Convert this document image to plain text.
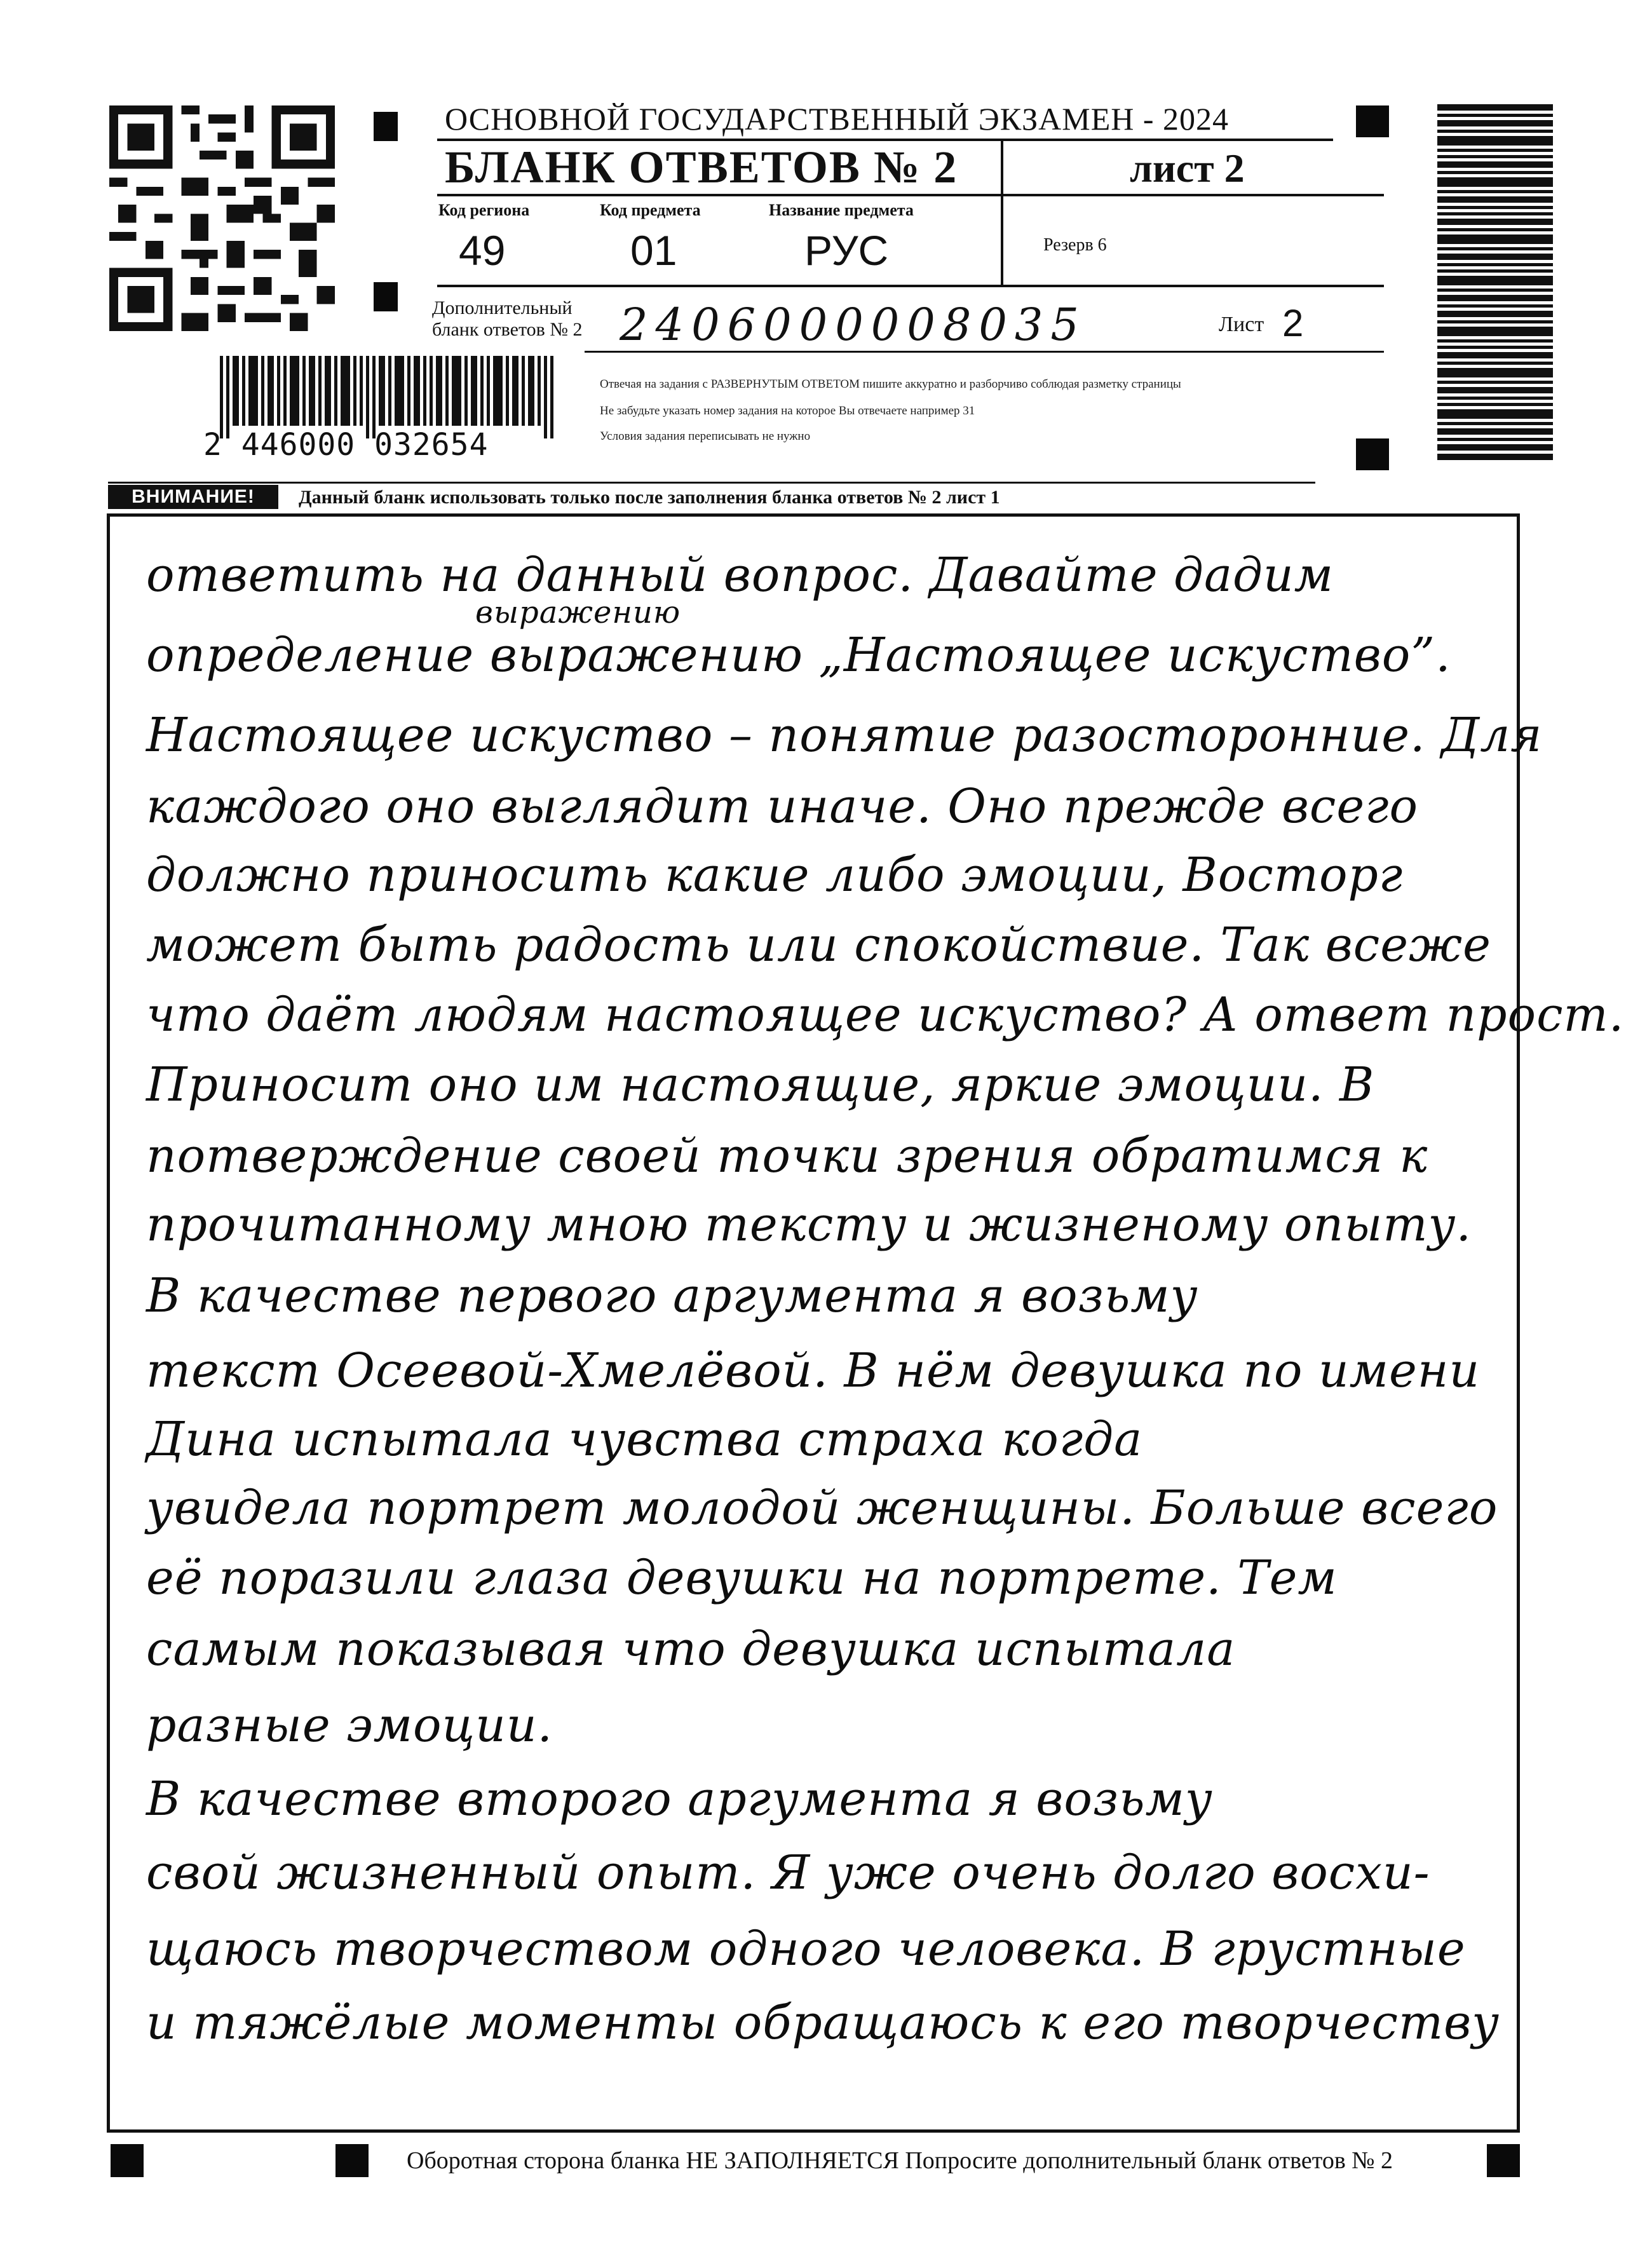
ОСНОВНОЙ ГОСУДАРСТВЕННЫЙ ЭКЗАМЕН - 2024
БЛАНК ОТВЕТОВ № 2	лист 2
Код региона
49
Код предмета
01
Название предмета
РУС	Резерв 6
Дополнительный бланк ответов № 2 2406000008035	Лист 2
Отвечая на задания с РАЗВЕРНУТЫМ ОТВЕТОМ пишите аккуратно и разборчиво соблюдая разметку страницы
Не забудьте указать номер задания на которое Вы отвечаете например 31
Условия задания переписывать не нужно
2 446000 032654
ВНИМАНИЕ!	Данный бланк использовать только после заполнения бланка ответов № 2 лист 1
выражению
ответить на данный вопрос. Давайте дадим
определение выражению „Настоящее искуство”.
Настоящее искуство – понятие разосторонние. Для
каждого оно выглядит иначе. Оно прежде всего
должно приносить какие либо эмоции, Восторг
может быть радость или спокойствие. Так всеже
что даёт людям настоящее искуство? А ответ прост.
Приносит оно им настоящие, яркие эмоции. В
потверждение своей точки зрения обратимся к
прочитанному мною тексту и жизненому опыту.
В качестве первого аргумента я возьму
текст Осеевой-Хмелёвой. В нём девушка по имени
Дина испытала чувства страха когда
увидела портрет молодой женщины. Больше всего
её поразили глаза девушки на портрете. Тем
самым показывая что девушка испытала
разные эмоции.
В качестве второго аргумента я возьму
свой жизненный опыт. Я уже очень долго восхи-
щаюсь творчеством одного человека. В грустные
и тяжёлые моменты обращаюсь к его творчеству
Оборотная сторона бланка НЕ ЗАПОЛНЯЕТСЯ Попросите дополнительный бланк ответов № 2
